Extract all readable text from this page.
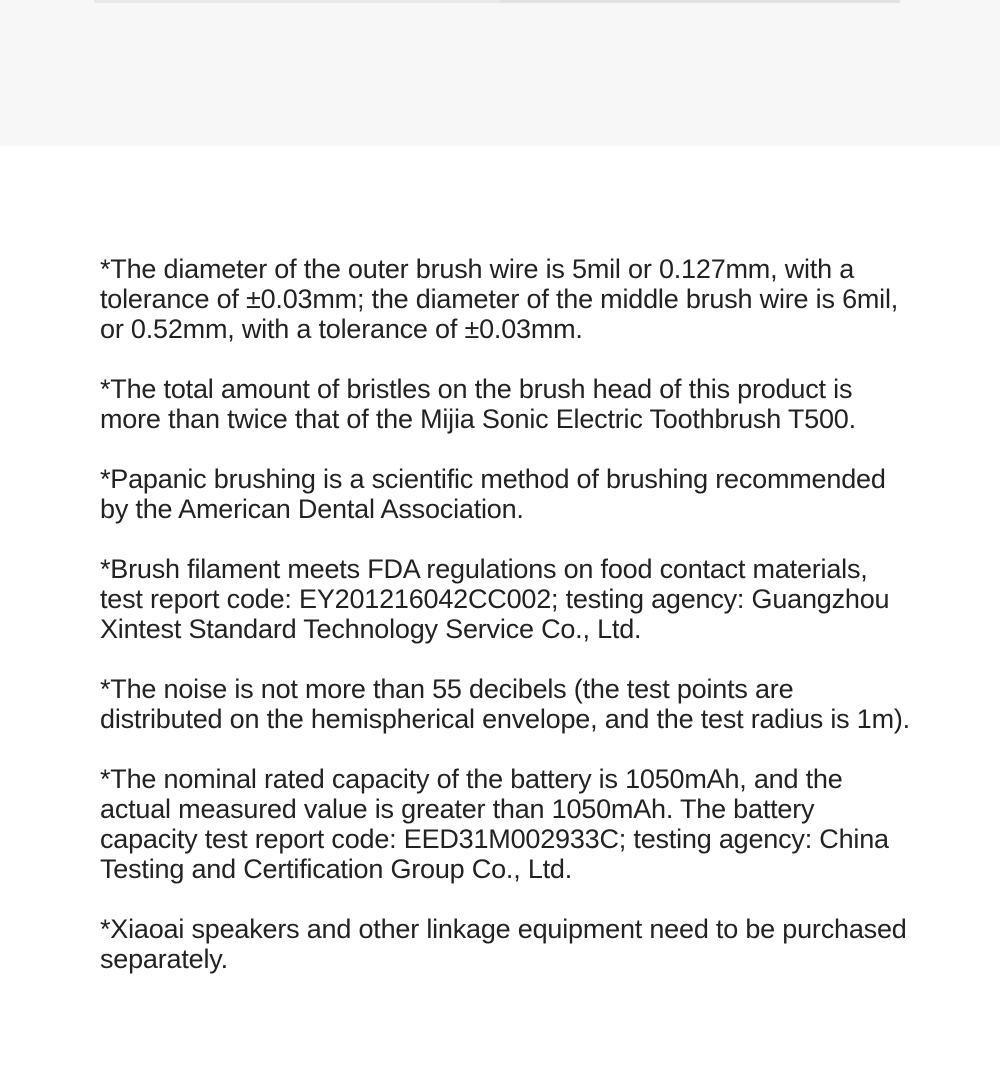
*The diameter of the outer brush wire is 5mil or 0.127mm, with a tolerance of ±0.03mm; the diameter of the middle brush wire is 6mil, or 0.52mm, with a tolerance of ±0.03mm.

*The total amount of bristles on the brush head of this product is more than twice that of the Mijia Sonic Electric Toothbrush T500.

*Papanic brushing is a scientific method of brushing recommended by the American Dental Association.

*Brush filament meets FDA regulations on food contact materials, test report code: EY201216042CC002; testing agency: Guangzhou Xintest Standard Technology Service Co., Ltd.

*The noise is not more than 55 decibels (the test points are distributed on the hemispherical envelope, and the test radius is 1m).

*The nominal rated capacity of the battery is 1050mAh, and the actual measured value is greater than 1050mAh. The battery capacity test report code: EED31M002933C; testing agency: China Testing and Certification Group Co., Ltd.

*Xiaoai speakers and other linkage equipment need to be purchased separately.
